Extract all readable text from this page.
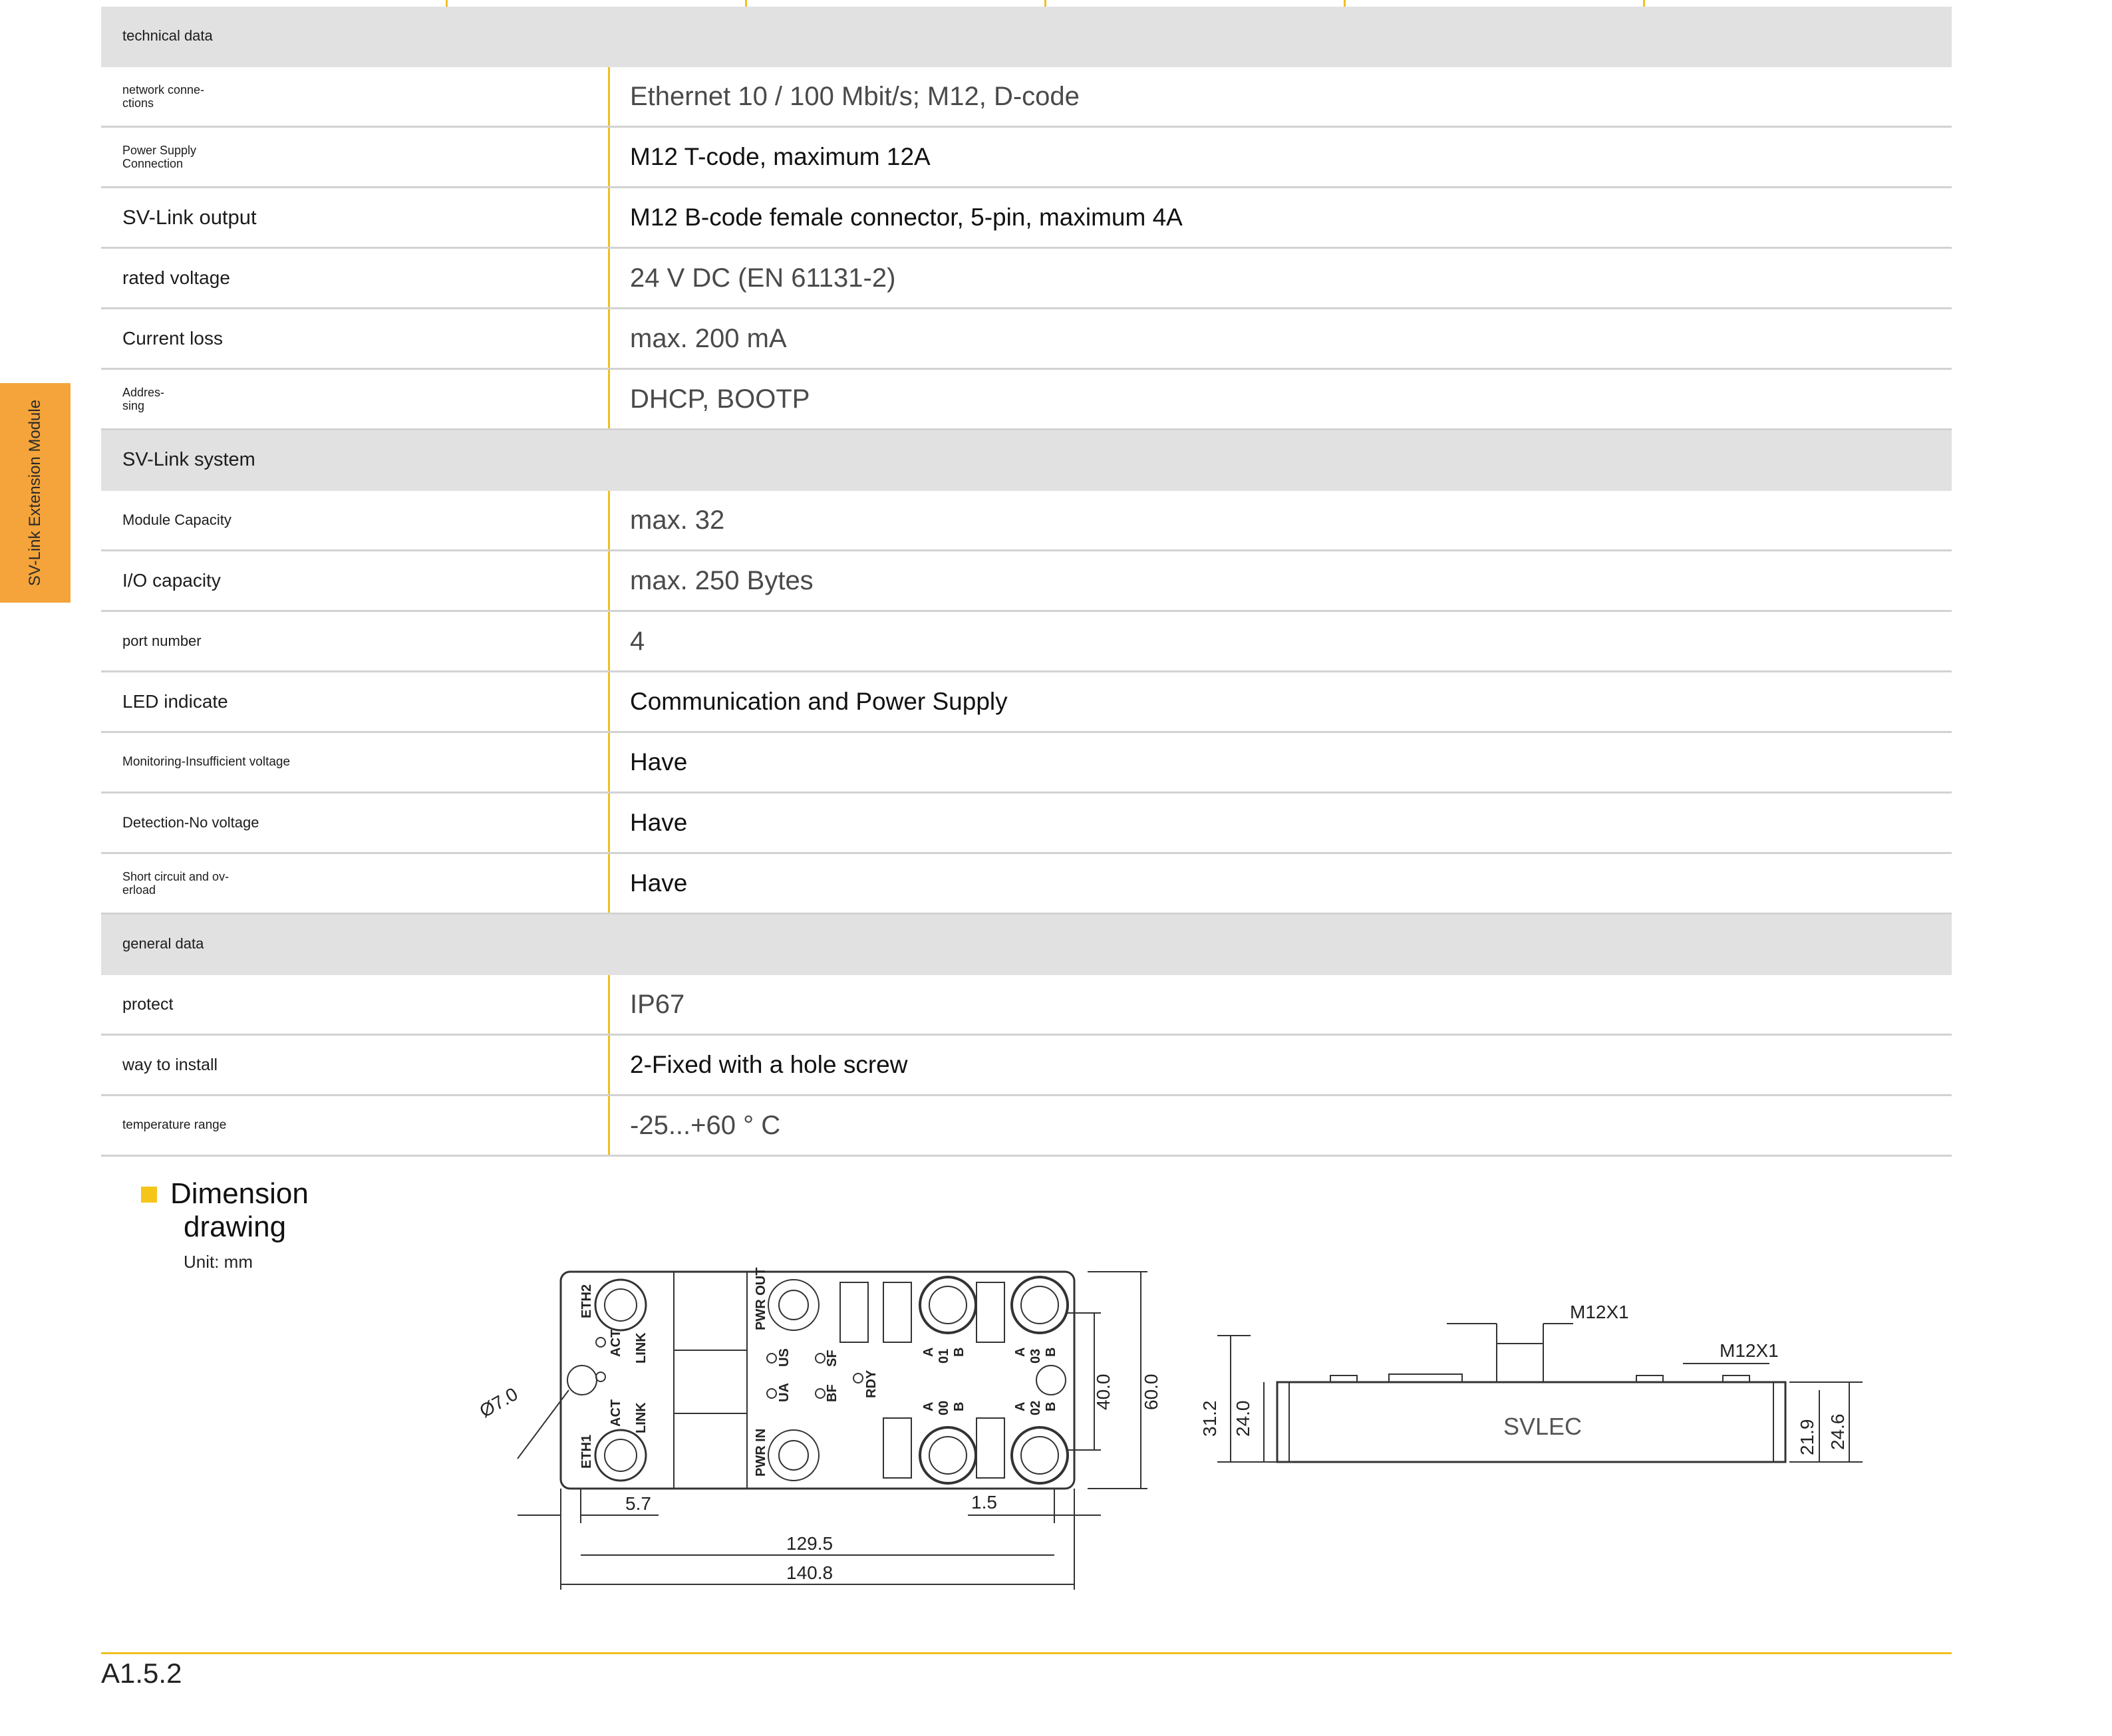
SV-Link Extension Module
technical data
network conne-
ctions	Ethernet 10 / 100 Mbit/s; M12, D-code
Power Supply
Connection	M12 T-code, maximum 12A
SV-Link output	M12 B-code female connector, 5-pin, maximum 4A
rated voltage	24 V DC (EN 61131-2)
Current loss	max. 200 mA
Addres-
sing	DHCP, BOOTP
SV-Link system
Module Capacity	max. 32
I/O capacity	max. 250 Bytes
port number	4
LED indicate	Communication and Power Supply
Monitoring-Insufficient voltage	Have
Detection-No voltage	Have
Short circuit and ov-
erload	Have
general data
protect	IP67
way to install	2-Fixed with a hole screw
temperature range	-25...+60 ° C
Dimension
drawing
Unit: mm
ETH2
ETH1
ACT LINK
ACT LINK
PWR OUT
PWR IN
US
UA
SF
BF RDY
A 01 B	A 03 B
A 00 B	A 02 B
Ø7.0
5.7	1.5
129.5
140.8
40.0 60.0
M12X1
M12X1
SVLEC
31.2 24.0
21.9 24.6
A1.5.2
